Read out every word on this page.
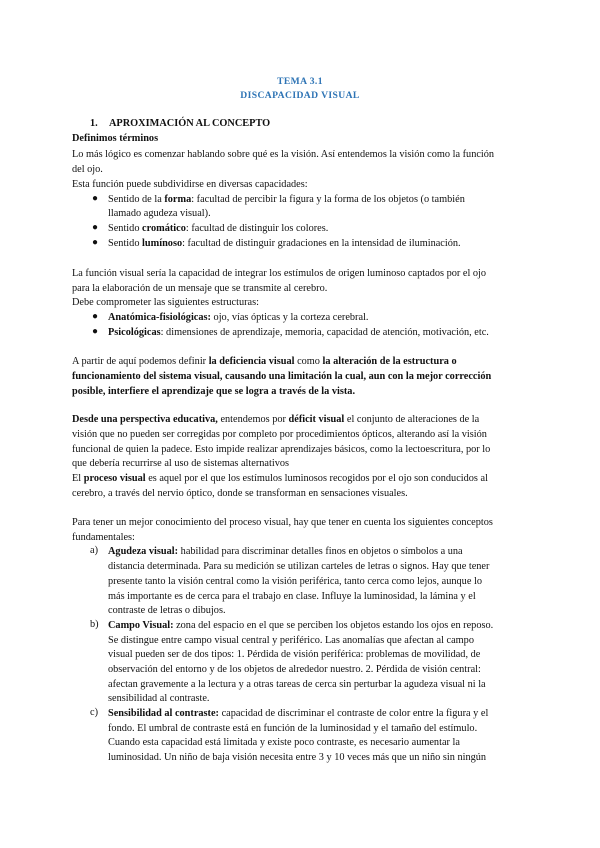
TEMA 3.1
DISCAPACIDAD VISUAL
1. APROXIMACIÓN AL CONCEPTO
Definimos términos
Lo más lógico es comenzar hablando sobre qué es la visión. Así entendemos la visión como la función
del ojo.
Esta función puede subdividirse en diversas capacidades:
● Sentido de la forma: facultad de percibir la figura y la forma de los objetos (o también
llamado agudeza visual).
● Sentido cromático: facultad de distinguir los colores.
● Sentido lumínoso: facultad de distinguir gradaciones en la intensidad de iluminación.
La función visual sería la capacidad de integrar los estímulos de origen luminoso captados por el ojo
para la elaboración de un mensaje que se transmite al cerebro.
Debe comprometer las siguientes estructuras:
● Anatómica-fisiológicas: ojo, vías ópticas y la corteza cerebral.
● Psicológicas: dimensiones de aprendizaje, memoria, capacidad de atención, motivación, etc.
A partir de aquí podemos definir la deficiencia visual como la alteración de la estructura o
funcionamiento del sistema visual, causando una limitación la cual, aun con la mejor corrección
posible, interfiere el aprendizaje que se logra a través de la vista.
Desde una perspectiva educativa, entendemos por déficit visual el conjunto de alteraciones de la
visión que no pueden ser corregidas por completo por procedimientos ópticos, alterando así la visión
funcional de quien la padece. Esto impide realizar aprendizajes básicos, como la lectoescritura, por lo
que debería recurrirse al uso de sistemas alternativos
El proceso visual es aquel por el que los estímulos luminosos recogidos por el ojo son conducidos al
cerebro, a través del nervio óptico, donde se transforman en sensaciones visuales.
Para tener un mejor conocimiento del proceso visual, hay que tener en cuenta los siguientes conceptos
fundamentales:
a) Agudeza visual: habilidad para discriminar detalles finos en objetos o símbolos a una
distancia determinada. Para su medición se utilizan carteles de letras o signos. Hay que tener
presente tanto la visión central como la visión periférica, tanto cerca como lejos, aunque lo
más importante es de cerca para el trabajo en clase. Influye la luminosidad, la lámina y el
contraste de letras o dibujos.
b) Campo Visual: zona del espacio en el que se perciben los objetos estando los ojos en reposo.
Se distingue entre campo visual central y periférico. Las anomalías que afectan al campo
visual pueden ser de dos tipos: 1. Pérdida de visión periférica: problemas de movilidad, de
observación del entorno y de los objetos de alrededor nuestro. 2. Pérdida de visión central:
afectan gravemente a la lectura y a otras tareas de cerca sin perturbar la agudeza visual ni la
sensibilidad al contraste.
c) Sensibilidad al contraste: capacidad de discriminar el contraste de color entre la figura y el
fondo. El umbral de contraste está en función de la luminosidad y el tamaño del estímulo.
Cuando esta capacidad está limitada y existe poco contraste, es necesario aumentar la
luminosidad. Un niño de baja visión necesita entre 3 y 10 veces más que un niño sin ningún
